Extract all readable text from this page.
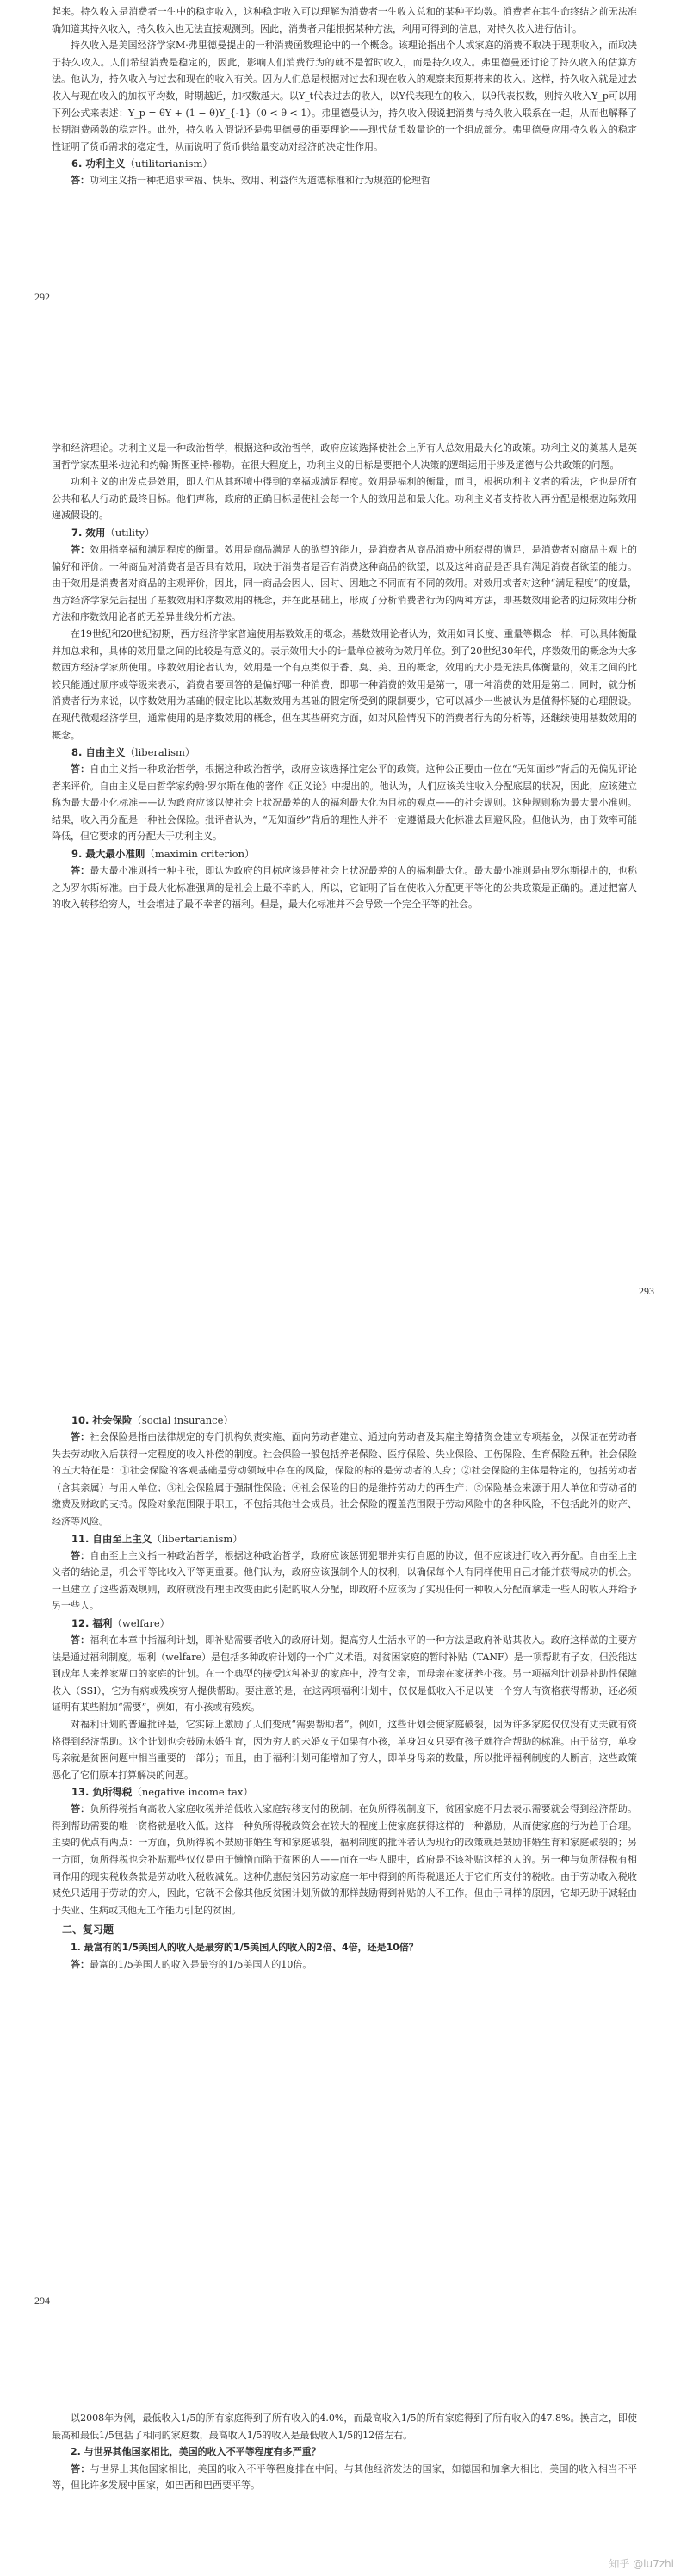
起来。持久收入是消费者一生中的稳定收入，这种稳定收入可以理解为消费者一生收入总和的某种平均数。消费者在其生命终结之前无法准确知道其持久收入，持久收入也无法直接观测到。因此，消费者只能根据某种方法，利用可得到的信息，对持久收入进行估计。

持久收入是美国经济学家M·弗里德曼提出的一种消费函数理论中的一个概念。该理论指出个人或家庭的消费不取决于现期收入，而取决于持久收入。人们希望消费是稳定的，因此，影响人们消费行为的就不是暂时收入，而是持久收入。弗里德曼还讨论了持久收入的估算方法。他认为，持久收入与过去和现在的收入有关。因为人们总是根据对过去和现在收入的观察来预期将来的收入。这样，持久收入就是过去收入与现在收入的加权平均数，时期越近，加权数越大。以Y_t代表过去的收入，以Y代表现在的收入，以θ代表权数，则持久收入Y_p可以用下列公式来表述：Y_p = θY + (1 − θ)Y_{-1}（0 < θ < 1）。弗里德曼认为，持久收入假说把消费与持久收入联系在一起，从而也解释了长期消费函数的稳定性。此外，持久收入假说还是弗里德曼的重要理论——现代货币数量论的一个组成部分。弗里德曼应用持久收入的稳定性证明了货币需求的稳定性，从而说明了货币供给量变动对经济的决定性作用。

6. 功利主义（utilitarianism）

答：功利主义指一种把追求幸福、快乐、效用、利益作为道德标准和行为规范的伦理哲

292

学和经济理论。功利主义是一种政治哲学，根据这种政治哲学，政府应该选择使社会上所有人总效用最大化的政策。功利主义的奠基人是英国哲学家杰里米·边沁和约翰·斯图亚特·穆勒。在很大程度上，功利主义的目标是要把个人决策的逻辑运用于涉及道德与公共政策的问题。

功利主义的出发点是效用，即人们从其环境中得到的幸福或满足程度。效用是福利的衡量，而且，根据功利主义者的看法，它也是所有公共和私人行动的最终目标。他们声称，政府的正确目标是使社会每一个人的效用总和最大化。功利主义者支持收入再分配是根据边际效用递减假设的。

7. 效用（utility）

答：效用指幸福和满足程度的衡量。效用是商品满足人的欲望的能力，是消费者从商品消费中所获得的满足，是消费者对商品主观上的偏好和评价。一种商品对消费者是否具有效用，取决于消费者是否有消费这种商品的欲望，以及这种商品是否具有满足消费者欲望的能力。由于效用是消费者对商品的主观评价，因此，同一商品会因人、因时、因地之不同而有不同的效用。对效用或者对这种“满足程度”的度量，西方经济学家先后提出了基数效用和序数效用的概念，并在此基础上，形成了分析消费者行为的两种方法，即基数效用论者的边际效用分析方法和序数效用论者的无差异曲线分析方法。

在19世纪和20世纪初期，西方经济学家普遍使用基数效用的概念。基数效用论者认为，效用如同长度、重量等概念一样，可以具体衡量并加总求和，具体的效用量之间的比较是有意义的。表示效用大小的计量单位被称为效用单位。到了20世纪30年代，序数效用的概念为大多数西方经济学家所使用。序数效用论者认为，效用是一个有点类似于香、臭、美、丑的概念，效用的大小是无法具体衡量的，效用之间的比较只能通过顺序或等级来表示，消费者要回答的是偏好哪一种消费，即哪一种消费的效用是第一，哪一种消费的效用是第二；同时，就分析消费者行为来说，以序数效用为基础的假定比以基数效用为基础的假定所受到的限制要少，它可以减少一些被认为是值得怀疑的心理假设。在现代微观经济学里，通常使用的是序数效用的概念，但在某些研究方面，如对风险情况下的消费者行为的分析等，还继续使用基数效用的概念。

8. 自由主义（liberalism）

答：自由主义指一种政治哲学，根据这种政治哲学，政府应该选择注定公平的政策。这种公正要由一位在“无知面纱”背后的无偏见评论者来评价。自由主义是由哲学家约翰·罗尔斯在他的著作《正义论》中提出的。他认为，人们应该关注收入分配底层的状况，因此，应该建立称为最大最小化标准——认为政府应该以使社会上状况最差的人的福利最大化为目标的观点——的社会规则。这种规则称为最大最小准则。结果，收入再分配是一种社会保险。批评者认为，“无知面纱”背后的理性人并不一定遵循最大化标准去回避风险。但他认为，由于效率可能降低，但它要求的再分配大于功利主义。

9. 最大最小准则（maximin criterion）

答：最大最小准则指一种主张，即认为政府的目标应该是使社会上状况最差的人的福利最大化。最大最小准则是由罗尔斯提出的，也称之为罗尔斯标准。由于最大化标准强调的是社会上最不幸的人，所以，它证明了旨在使收入分配更平等化的公共政策是正确的。通过把富人的收入转移给穷人，社会增进了最不幸者的福利。但是，最大化标准并不会导致一个完全平等的社会。

293

10. 社会保险（social insurance）

答：社会保险是指由法律规定的专门机构负责实施、面向劳动者建立、通过向劳动者及其雇主筹措资金建立专项基金，以保证在劳动者失去劳动收入后获得一定程度的收入补偿的制度。社会保险一般包括养老保险、医疗保险、失业保险、工伤保险、生育保险五种。社会保险的五大特征是：①社会保险的客观基础是劳动领域中存在的风险，保险的标的是劳动者的人身；②社会保险的主体是特定的，包括劳动者（含其亲属）与用人单位；③社会保险属于强制性保险；④社会保险的目的是维持劳动力的再生产；⑤保险基金来源于用人单位和劳动者的缴费及财政的支持。保险对象范围限于职工，不包括其他社会成员。社会保险的覆盖范围限于劳动风险中的各种风险，不包括此外的财产、经济等风险。

11. 自由至上主义（libertarianism）

答：自由至上主义指一种政治哲学，根据这种政治哲学，政府应该惩罚犯罪并实行自愿的协议，但不应该进行收入再分配。自由至上主义者的结论是，机会平等比收入平等更重要。他们认为，政府应该强制个人的权利，以确保每个人有同样使用自己才能并获得成功的机会。一旦建立了这些游戏规则，政府就没有理由改变由此引起的收入分配，即政府不应该为了实现任何一种收入分配而拿走一些人的收入并给予另一些人。

12. 福利（welfare）

答：福利在本章中指福利计划，即补贴需要者收入的政府计划。提高穷人生活水平的一种方法是政府补贴其收入。政府这样做的主要方法是通过福利制度。福利（welfare）是包括多种政府计划的一个广义术语。对贫困家庭的暂时补贴（TANF）是一项帮助有子女，但没能达到成年人来养家糊口的家庭的计划。在一个典型的接受这种补助的家庭中，没有父亲，而母亲在家抚养小孩。另一项福利计划是补助性保障收入（SSI），它为有病或残疾穷人提供帮助。要注意的是，在这两项福利计划中，仅仅是低收入不足以使一个穷人有资格获得帮助，还必须证明有某些附加“需要”，例如，有小孩或有残疾。

对福利计划的普遍批评是，它实际上激励了人们变成“需要帮助者”。例如，这些计划会使家庭破裂，因为许多家庭仅仅没有丈夫就有资格得到经济帮助。这个计划也会鼓励未婚生育，因为穷人的未婚女子如果有小孩，单身妇女只要有孩子就符合帮助的标准。由于贫穷，单身母亲就是贫困问题中相当重要的一部分；而且，由于福利计划可能增加了穷人，即单身母亲的数量，所以批评福利制度的人断言，这些政策恶化了它们原本打算解决的问题。

13. 负所得税（negative income tax）

答：负所得税指向高收入家庭收税并给低收入家庭转移支付的税制。在负所得税制度下，贫困家庭不用去表示需要就会得到经济帮助。得到帮助需要的唯一资格就是收入低。这样一种负所得税政策会在较大的程度上使家庭获得这样的一种激励，从而使家庭的行为趋于合理。主要的优点有两点：一方面，负所得税不鼓励非婚生育和家庭破裂，福利制度的批评者认为现行的政策就是鼓励非婚生育和家庭破裂的；另一方面，负所得税也会补贴那些仅仅是由于懒惰而陷于贫困的人——而在一些人眼中，政府是不该补贴这样的人的。另一种与负所得税有相同作用的现实税收条款是劳动收入税收减免。这种优惠使贫困劳动家庭一年中得到的所得税退还大于它们所支付的税收。由于劳动收入税收减免只适用于劳动的穷人，因此，它就不会像其他反贫困计划所做的那样鼓励得到补贴的人不工作。但由于同样的原因，它却无助于减轻由于失业、生病或其他无工作能力引起的贫困。

二、复习题

1. 最富有的1/5美国人的收入是最穷的1/5美国人的收入的2倍、4倍，还是10倍？

答：最富的1/5美国人的收入是最穷的1/5美国人的10倍。

294

以2008年为例，最低收入1/5的所有家庭得到了所有收入的4.0%，而最高收入1/5的所有家庭得到了所有收入的47.8%。换言之，即使最高和最低1/5包括了相同的家庭数，最高收入1/5的收入是最低收入1/5的12倍左右。

2. 与世界其他国家相比，美国的收入不平等程度有多严重？

答：与世界上其他国家相比，美国的收入不平等程度排在中间。与其他经济发达的国家，如德国和加拿大相比，美国的收入相当不平等，但比许多发展中国家，如巴西和巴西要平等。

知乎 @lu7zhi
